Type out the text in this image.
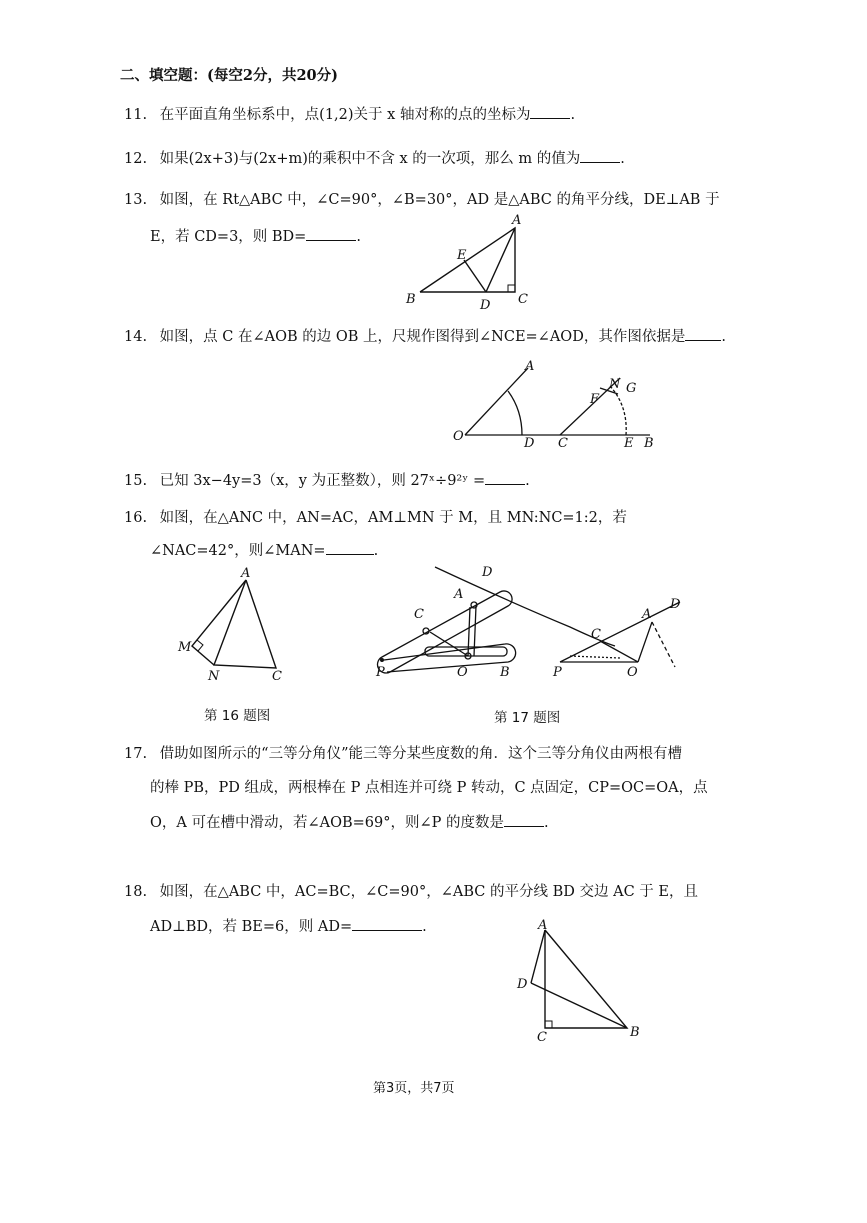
二、填空题：(每空2分，共20分)
11. 在平面直角坐标系中，点(1,2)关于 x 轴对称的点的坐标为	.
12. 如果(2x+3)与(2x+m)的乘积中不含 x 的一次项，那么 m 的值为	.
13. 如图，在 Rt△ABC 中，∠C=90°，∠B=30°，AD 是△ABC 的角平分线，DE⊥AB 于
E，若 CD=3，则 BD=	.
A
E
B	D C
14. 如图，点 C 在∠AOB 的边 OB 上，尺规作图得到∠NCE=∠AOD，其作图依据是 .
A
O	D C
N G
F
E B
15. 已知 3x−4y=3（x，y 为正整数），则 27ˣ÷9²ʸ =	.
16. 如图，在△ANC 中，AN=AC，AM⊥MN 于 M，且 MN:NC=1:2，若
∠NAC=42°，则∠MAN=	.
A
M
N	C
D
A
C
P	O B
A
D
C
P	O
第 16 题图	第 17 题图
17. 借助如图所示的“三等分角仪”能三等分某些度数的角．这个三等分角仪由两根有槽
的棒 PB，PD 组成，两根棒在 P 点相连并可绕 P 转动，C 点固定，CP=OC=OA，点
O，A 可在槽中滑动，若∠AOB=69°，则∠P 的度数是	.
18. 如图，在△ABC 中，AC=BC，∠C=90°，∠ABC 的平分线 BD 交边 AC 于 E，且
AD⊥BD，若 BE=6，则 AD=	.	A
D
C	B
第3页，共7页
